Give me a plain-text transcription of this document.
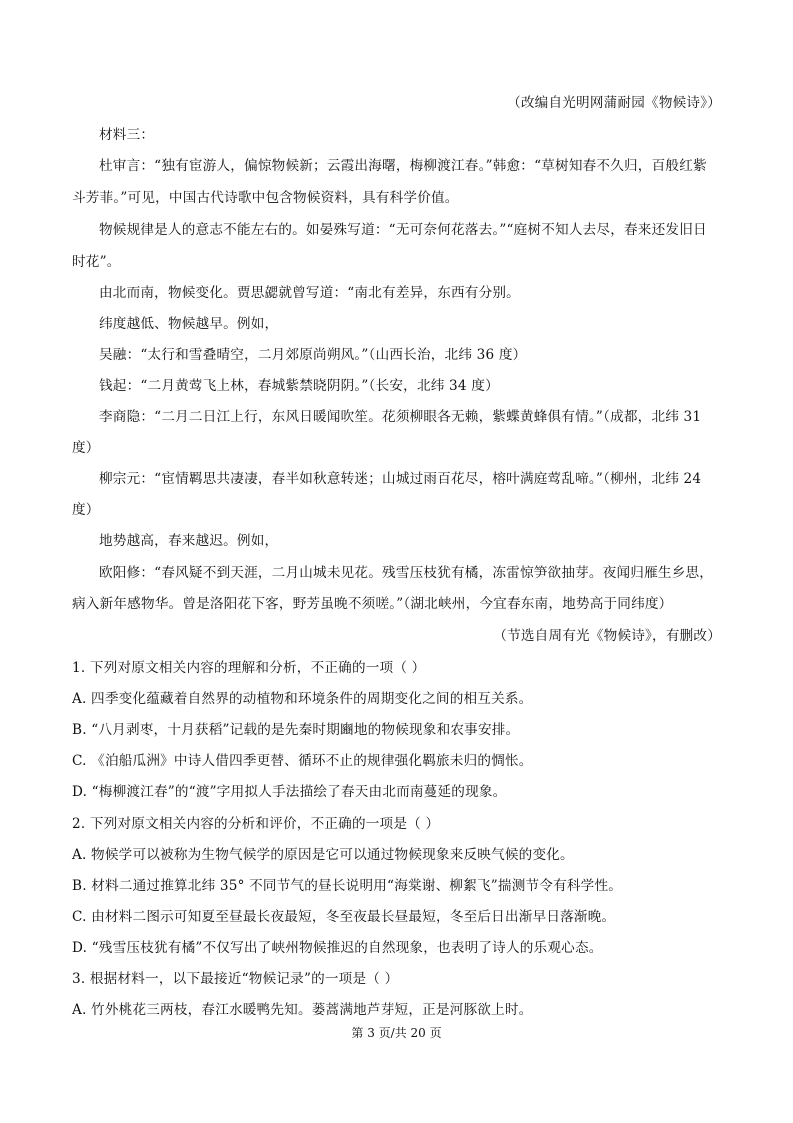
（改编自光明网蒲耐园《物候诗》）
材料三：
杜审言：“独有宦游人，偏惊物候新；云霞出海曙，梅柳渡江春。”韩愈：“草树知春不久归，百般红紫
斗芳菲。”可见，中国古代诗歌中包含物候资料，具有科学价值。
物候规律是人的意志不能左右的。如晏殊写道：“无可奈何花落去。”“庭树不知人去尽，春来还发旧日
时花”。
由北而南，物候变化。贾思勰就曾写道：“南北有差异，东西有分别。
纬度越低、物候越早。例如，
吴融：“太行和雪叠晴空，二月郊原尚朔风。”（山西长治，北纬 36 度）
钱起：“二月黄莺飞上林，春城紫禁晓阴阴。”（长安，北纬 34 度）
李商隐：“二月二日江上行，东风日暖闻吹笙。花须柳眼各无赖，紫蝶黄蜂俱有情。”（成都，北纬 31
度）
柳宗元：“宦情羁思共凄凄，春半如秋意转迷；山城过雨百花尽，榕叶满庭莺乱啼。”（柳州，北纬 24
度）
地势越高，春来越迟。例如，
欧阳修：“春风疑不到天涯，二月山城未见花。残雪压枝犹有橘，冻雷惊笋欲抽芽。夜闻归雁生乡思，
病入新年感物华。曾是洛阳花下客，野芳虽晚不须嗟。”（湖北峡州，今宜春东南，地势高于同纬度）
（节选自周有光《物候诗》，有删改）
1. 下列对原文相关内容的理解和分析，不正确的一项（ ）
A. 四季变化蕴藏着自然界的动植物和环境条件的周期变化之间的相互关系。
B. “八月剥枣，十月获稻”记载的是先秦时期豳地的物候现象和农事安排。
C. 《泊船瓜洲》中诗人借四季更替、循环不止的规律强化羁旅未归的惆怅。
D. “梅柳渡江春”的“渡”字用拟人手法描绘了春天由北而南蔓延的现象。
2. 下列对原文相关内容的分析和评价，不正确的一项是（ ）
A. 物候学可以被称为生物气候学的原因是它可以通过物候现象来反映气候的变化。
B. 材料二通过推算北纬 35° 不同节气的昼长说明用“海棠谢、柳絮飞”揣测节令有科学性。
C. 由材料二图示可知夏至昼最长夜最短，冬至夜最长昼最短，冬至后日出渐早日落渐晚。
D. “残雪压枝犹有橘”不仅写出了峡州物候推迟的自然现象，也表明了诗人的乐观心态。
3. 根据材料一，以下最接近“物候记录”的一项是（ ）
A. 竹外桃花三两枝，春江水暖鸭先知。蒌蒿满地芦芽短，正是河豚欲上时。
第 3 页/共 20 页
